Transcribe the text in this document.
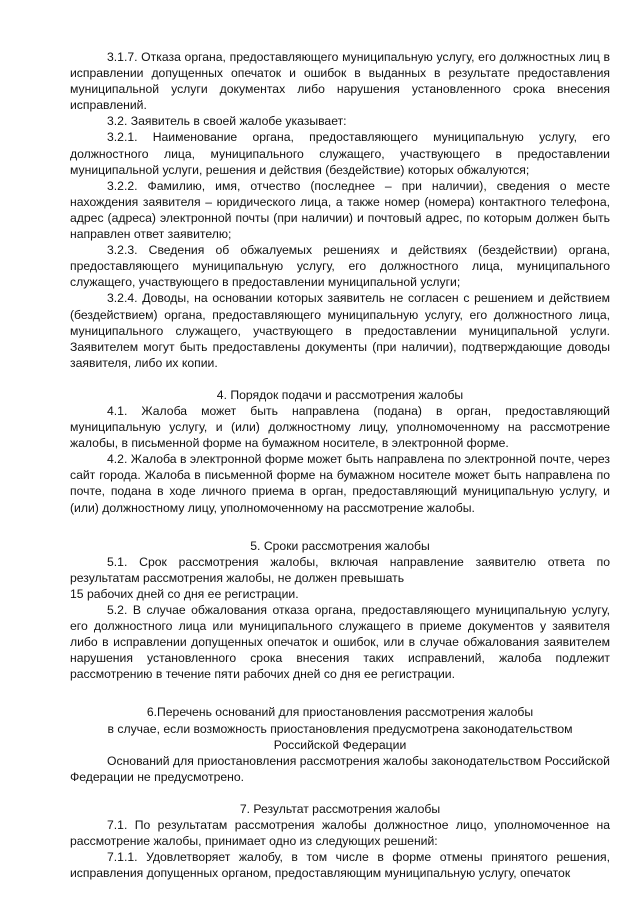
3.1.7. Отказа органа, предоставляющего муниципальную услугу, его должностных лиц в исправлении допущенных опечаток и ошибок в выданных в результате предоставления муниципальной услуги документах либо нарушения установленного срока внесения исправлений.

3.2. Заявитель в своей жалобе указывает:

3.2.1. Наименование органа, предоставляющего муниципальную услугу, его должностного лица, муниципального служащего, участвующего в предоставлении муниципальной услуги, решения и действия (бездействие) которых обжалуются;

3.2.2. Фамилию, имя, отчество (последнее – при наличии), сведения о месте нахождения заявителя – юридического лица, а также номер (номера) контактного телефона, адрес (адреса) электронной почты (при наличии) и почтовый адрес, по которым должен быть направлен ответ заявителю;

3.2.3. Сведения об обжалуемых решениях и действиях (бездействии) органа, предоставляющего муниципальную услугу, его должностного лица, муниципального служащего, участвующего в предоставлении муниципальной услуги;

3.2.4. Доводы, на основании которых заявитель не согласен с решением и действием (бездействием) органа, предоставляющего муниципальную услугу, его должностного лица, муниципального служащего, участвующего в предоставлении муниципальной услуги. Заявителем могут быть предоставлены документы (при наличии), подтверждающие доводы заявителя, либо их копии.

4. Порядок подачи и рассмотрения жалобы

4.1. Жалоба может быть направлена (подана) в орган, предоставляющий муниципальную услугу, и (или) должностному лицу, уполномоченному на рассмотрение жалобы, в письменной форме на бумажном носителе, в электронной форме.

4.2. Жалоба в электронной форме может быть направлена по электронной почте, через сайт города. Жалоба в письменной форме на бумажном носителе может быть направлена по почте, подана в ходе личного приема в орган, предоставляющий муниципальную услугу, и (или) должностному лицу, уполномоченному на рассмотрение жалобы.

5. Сроки рассмотрения жалобы

5.1. Срок рассмотрения жалобы, включая направление заявителю ответа по результатам рассмотрения жалобы, не должен превышать

15 рабочих дней со дня ее регистрации.

5.2. В случае обжалования отказа органа, предоставляющего муниципальную услугу, его должностного лица или муниципального служащего в приеме документов у заявителя либо в исправлении допущенных опечаток и ошибок, или в случае обжалования заявителем нарушения установленного срока внесения таких исправлений, жалоба подлежит рассмотрению в течение пяти рабочих дней со дня ее регистрации.

6.Перечень оснований для приостановления рассмотрения жалобы

в случае, если возможность приостановления предусмотрена законодательством

Российской Федерации

Оснований для приостановления рассмотрения жалобы законодательством Российской Федерации не предусмотрено.

7. Результат рассмотрения жалобы

7.1. По результатам рассмотрения жалобы должностное лицо, уполномоченное на рассмотрение жалобы, принимает одно из следующих решений:

7.1.1. Удовлетворяет жалобу, в том числе в форме отмены принятого решения, исправления допущенных органом, предоставляющим муниципальную услугу, опечаток
